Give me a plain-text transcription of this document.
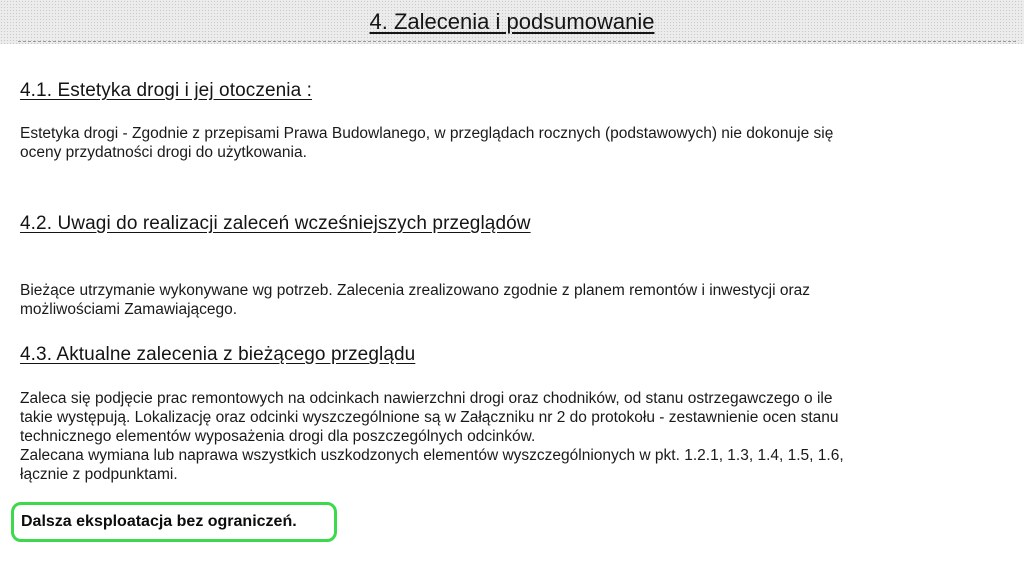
4. Zalecenia i podsumowanie
4.1. Estetyka drogi i jej otoczenia :
Estetyka drogi - Zgodnie z przepisami Prawa Budowlanego, w przeglądach rocznych (podstawowych) nie dokonuje się
oceny przydatności drogi do użytkowania.
4.2. Uwagi do realizacji zaleceń wcześniejszych przeglądów
Bieżące utrzymanie wykonywane wg potrzeb. Zalecenia zrealizowano zgodnie z planem remontów i inwestycji oraz
możliwościami Zamawiającego.
4.3. Aktualne zalecenia z bieżącego przeglądu
Zaleca się podjęcie prac remontowych na odcinkach nawierzchni drogi oraz chodników, od stanu ostrzegawczego o ile
takie występują. Lokalizację oraz odcinki wyszczególnione są w Załączniku nr 2 do protokołu - zestawnienie ocen stanu
technicznego elementów wyposażenia drogi dla poszczególnych odcinków.
Zalecana wymiana lub naprawa wszystkich uszkodzonych elementów wyszczególnionych w pkt. 1.2.1, 1.3, 1.4, 1.5, 1.6,
łącznie z podpunktami.

Dalsza eksploatacja bez ograniczeń.
